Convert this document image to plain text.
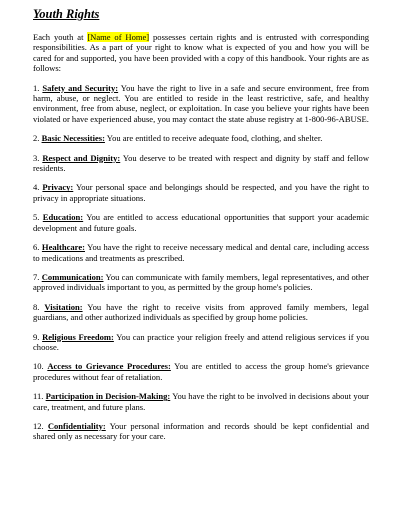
Youth Rights

Each youth at [Name of Home] possesses certain rights and is entrusted with corresponding responsibilities. As a part of your right to know what is expected of you and how you will be cared for and supported, you have been provided with a copy of this handbook. Your rights are as follows:

1. Safety and Security: You have the right to live in a safe and secure environment, free from harm, abuse, or neglect. You are entitled to reside in the least restrictive, safe, and healthy environment, free from abuse, neglect, or exploitation. In case you believe your rights have been violated or have experienced abuse, you may contact the state abuse registry at 1-800-96-ABUSE.

2. Basic Necessities: You are entitled to receive adequate food, clothing, and shelter.

3. Respect and Dignity: You deserve to be treated with respect and dignity by staff and fellow residents.

4. Privacy: Your personal space and belongings should be respected, and you have the right to privacy in appropriate situations.

5. Education: You are entitled to access educational opportunities that support your academic development and future goals.

6. Healthcare: You have the right to receive necessary medical and dental care, including access to medications and treatments as prescribed.

7. Communication: You can communicate with family members, legal representatives, and other approved individuals important to you, as permitted by the group home's policies.

8. Visitation: You have the right to receive visits from approved family members, legal guardians, and other authorized individuals as specified by group home policies.

9. Religious Freedom: You can practice your religion freely and attend religious services if you choose.

10. Access to Grievance Procedures: You are entitled to access the group home's grievance procedures without fear of retaliation.

11. Participation in Decision-Making: You have the right to be involved in decisions about your care, treatment, and future plans.

12. Confidentiality: Your personal information and records should be kept confidential and shared only as necessary for your care.
